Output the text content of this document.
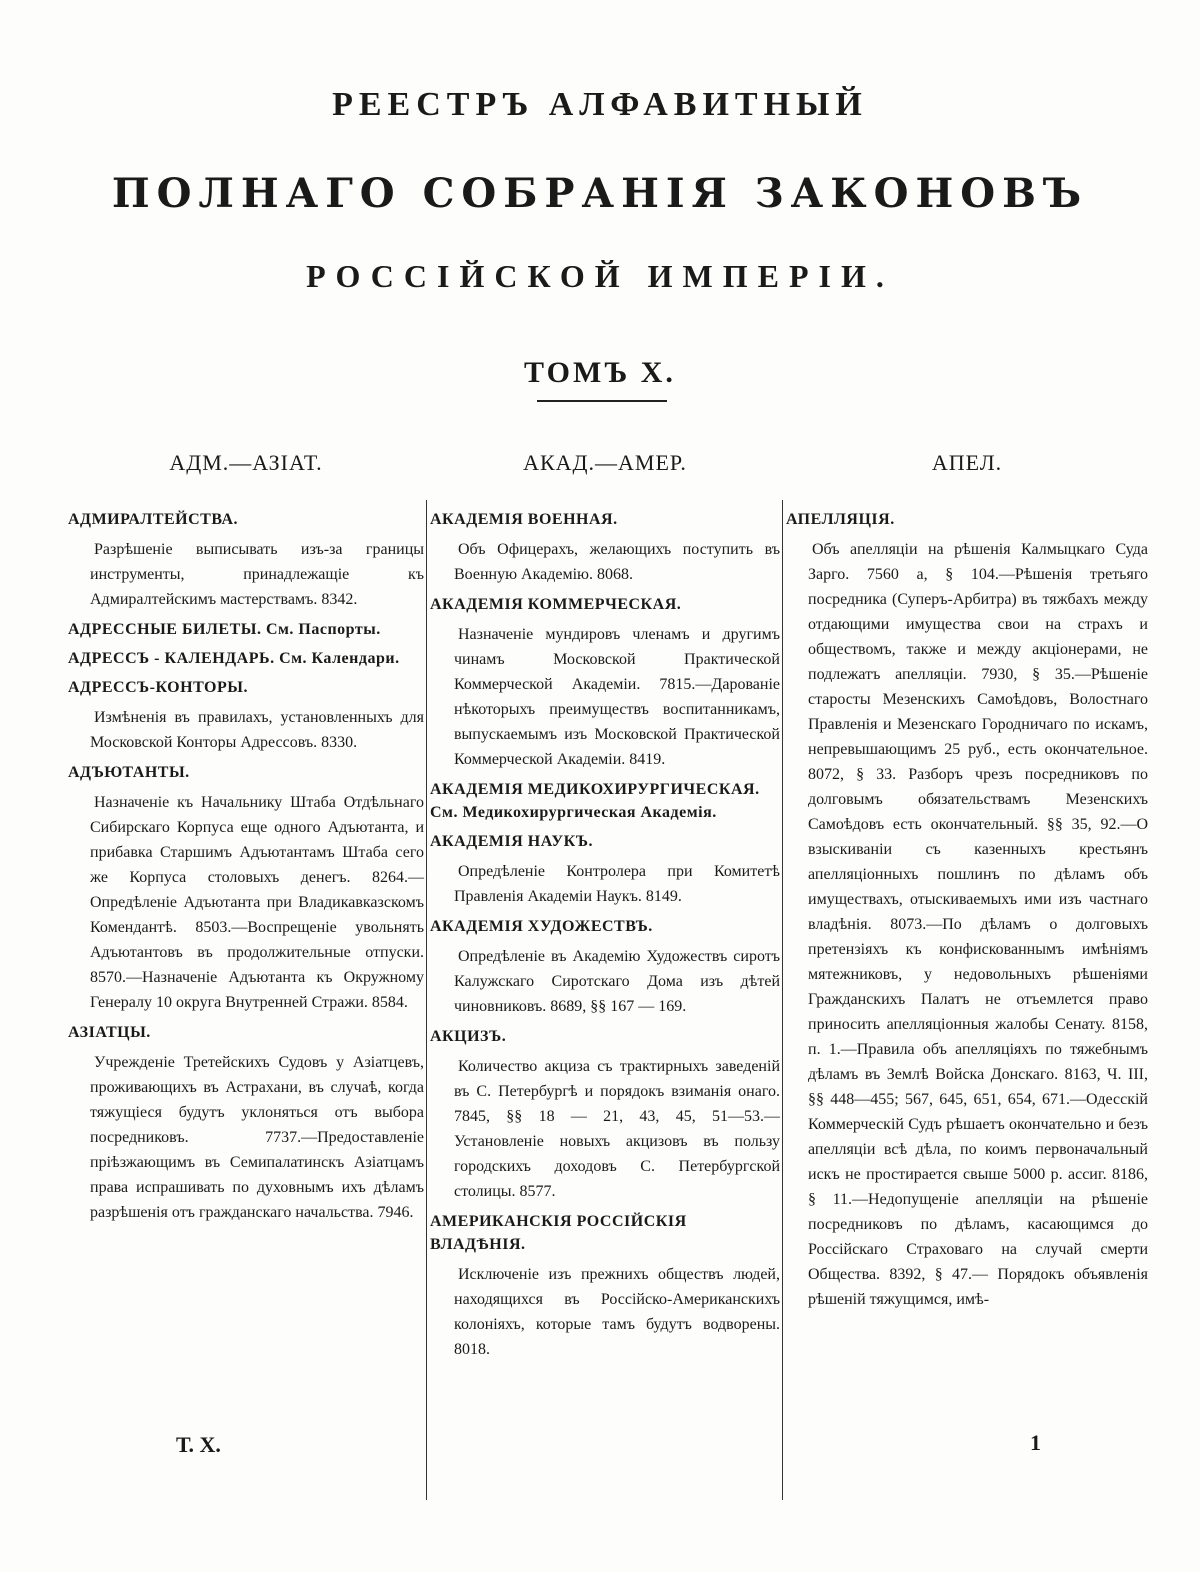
РЕЕСТРЪ АЛФАВИТНЫЙ
ПОЛНАГО СОБРАНІЯ ЗАКОНОВЪ
РОССІЙСКОЙ ИМПЕРІИ.
ТОМЪ X.
АДМ.—АЗІАТ.
АДМИРАЛТЕЙСТВА.
Разрѣшеніе выписывать изъ-за границы инструменты, принадлежащіе къ Адмиралтейскимъ мастерствамъ. 8342.
АДРЕССНЫЕ БИЛЕТЫ. См. Паспорты.
АДРЕССЪ - КАЛЕНДАРЬ. См. Календари.
АДРЕССЪ-КОНТОРЫ.
Измѣненія въ правилахъ, установленныхъ для Московской Конторы Адрессовъ. 8330.
АДЪЮТАНТЫ.
Назначеніе къ Начальнику Штаба Отдѣльнаго Сибирскаго Корпуса еще одного Адъютанта, и прибавка Старшимъ Адъютантамъ Штаба сего же Корпуса столовыхъ денегъ. 8264.—Опредѣленіе Адъютанта при Владикавказскомъ Комендантѣ. 8503.—Воспрещеніе увольнять Адъютантовъ въ продолжительные отпуски. 8570.—Назначеніе Адъютанта къ Окружному Генералу 10 округа Внутренней Стражи. 8584.
АЗІАТЦЫ.
Учрежденіе Третейскихъ Судовъ у Азіатцевъ, проживающихъ въ Астрахани, въ случаѣ, когда тяжущіеся будутъ уклоняться отъ выбора посредниковъ. 7737.—Предоставленіе пріѣзжающимъ въ Семипалатинскъ Азіатцамъ права испрашивать по духовнымъ ихъ дѣламъ разрѣшенія отъ гражданскаго начальства. 7946.
АКАД.—АМЕР.
АКАДЕМІЯ ВОЕННАЯ.
Объ Офицерахъ, желающихъ поступить въ Военную Академію. 8068.
АКАДЕМІЯ КОММЕРЧЕСКАЯ.
Назначеніе мундировъ членамъ и другимъ чинамъ Московской Практической Коммерческой Академіи. 7815.—Дарованіе нѣкоторыхъ преимуществъ воспитанникамъ, выпускаемымъ изъ Московской Практической Коммерческой Академіи. 8419.
АКАДЕМІЯ МЕДИКОХИРУРГИЧЕСКАЯ. См. Медикохирургическая Академія.
АКАДЕМІЯ НАУКЪ.
Опредѣленіе Контролера при Комитетѣ Правленія Академіи Наукъ. 8149.
АКАДЕМІЯ ХУДОЖЕСТВЪ.
Опредѣленіе въ Академію Художествъ сиротъ Калужскаго Сиротскаго Дома изъ дѣтей чиновниковъ. 8689, §§ 167 — 169.
АКЦИЗЪ.
Количество акциза съ трактирныхъ заведеній въ С. Петербургѣ и порядокъ взиманія онаго. 7845, §§ 18 — 21, 43, 45, 51—53.—Установленіе новыхъ акцизовъ въ пользу городскихъ доходовъ С. Петербургской столицы. 8577.
АМЕРИКАНСКІЯ РОССІЙСКІЯ ВЛАДѢНІЯ.
Исключеніе изъ прежнихъ обществъ людей, находящихся въ Россійско-Американскихъ колоніяхъ, которые тамъ будутъ водворены. 8018.
АПЕЛ.
АПЕЛЛЯЦІЯ.
Объ апелляціи на рѣшенія Калмыцкаго Суда Зарго. 7560 а, § 104.—Рѣшенія третьяго посредника (Суперъ-Арбитра) въ тяжбахъ между отдающими имущества свои на страхъ и обществомъ, также и между акціонерами, не подлежатъ апелляціи. 7930, § 35.—Рѣшеніе старосты Мезенскихъ Самоѣдовъ, Волостнаго Правленія и Мезенскаго Городничаго по искамъ, непревышающимъ 25 руб., есть окончательное. 8072, § 33. Разборъ чрезъ посредниковъ по долговымъ обязательствамъ Мезенскихъ Самоѣдовъ есть окончательный. §§ 35, 92.—О взыскиваніи съ казенныхъ крестьянъ апелляціонныхъ пошлинъ по дѣламъ объ имуществахъ, отыскиваемыхъ ими изъ частнаго владѣнія. 8073.—По дѣламъ о долговыхъ претензіяхъ къ конфискованнымъ имѣніямъ мятежниковъ, у недовольныхъ рѣшеніями Гражданскихъ Палатъ не отъемлется право приносить апелляціонныя жалобы Сенату. 8158, п. 1.—Правила объ апелляціяхъ по тяжебнымъ дѣламъ въ Землѣ Войска Донскаго. 8163, Ч. III, §§ 448—455; 567, 645, 651, 654, 671.—Одесскій Коммерческій Судъ рѣшаетъ окончательно и безъ апелляціи всѣ дѣла, по коимъ первоначальный искъ не простирается свыше 5000 р. ассиг. 8186, § 11.—Недопущеніе апелляціи на рѣшеніе посредниковъ по дѣламъ, касающимся до Россійскаго Страховаго на случай смерти Общества. 8392, § 47.— Порядокъ объявленія рѣшеній тяжущимся, имѣ-
Т. X.	1
